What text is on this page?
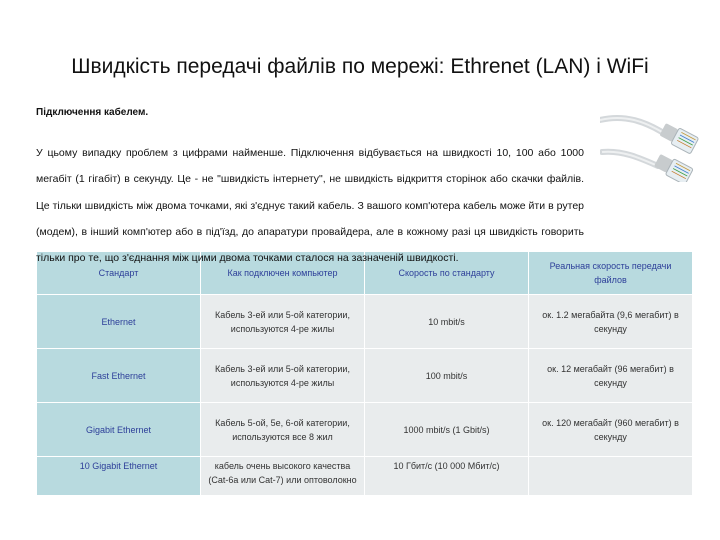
Швидкість передачі файлів по мережі: Ethrenet (LAN) і WiFi
Підключення кабелем.
Стандарт	Как подключен компьютер	Скорость по стандарту	Реальная скорость передачи файлов
Ethernet	Кабель 3-ей или 5-ой категории, используются 4-ре жилы	10 mbit/s	ок. 1.2 мегабайта (9,6 мегабит) в секунду
Fast Ethernet	Кабель 3-ей или 5-ой категории, используются 4-ре жилы	100 mbit/s	ок. 12 мегабайт (96 мегабит) в секунду
Gigabit Ethernet	Кабель 5-ой, 5е, 6-ой категории, используются все 8 жил	1000 mbit/s (1 Gbit/s)	ок. 120 мегабайт (960 мегабит) в секунду
10 Gigabit Ethernet	кабель очень высокого качества (Cat-6a или Cat-7) или оптоволокно	10 Гбит/с (10 000 Мбит/с)	

У цьому випадку проблем з цифрами найменше. Підключення відбувається на швидкості 10, 100 або 1000 мегабіт (1 гігабіт) в секунду. Це - не "швидкість інтернету", не швидкість відкриття сторінок або скачки файлів. Це тільки швидкість між двома точками, які з'єднує такий кабель. З вашого комп'ютера кабель може йти в рутер (модем), в інший комп'ютер або в під'їзд, до апаратури провайдера, але в кожному разі ця швидкість говорить тільки про те, що з'єднання між цими двома точками сталося на зазначеній швидкості.
